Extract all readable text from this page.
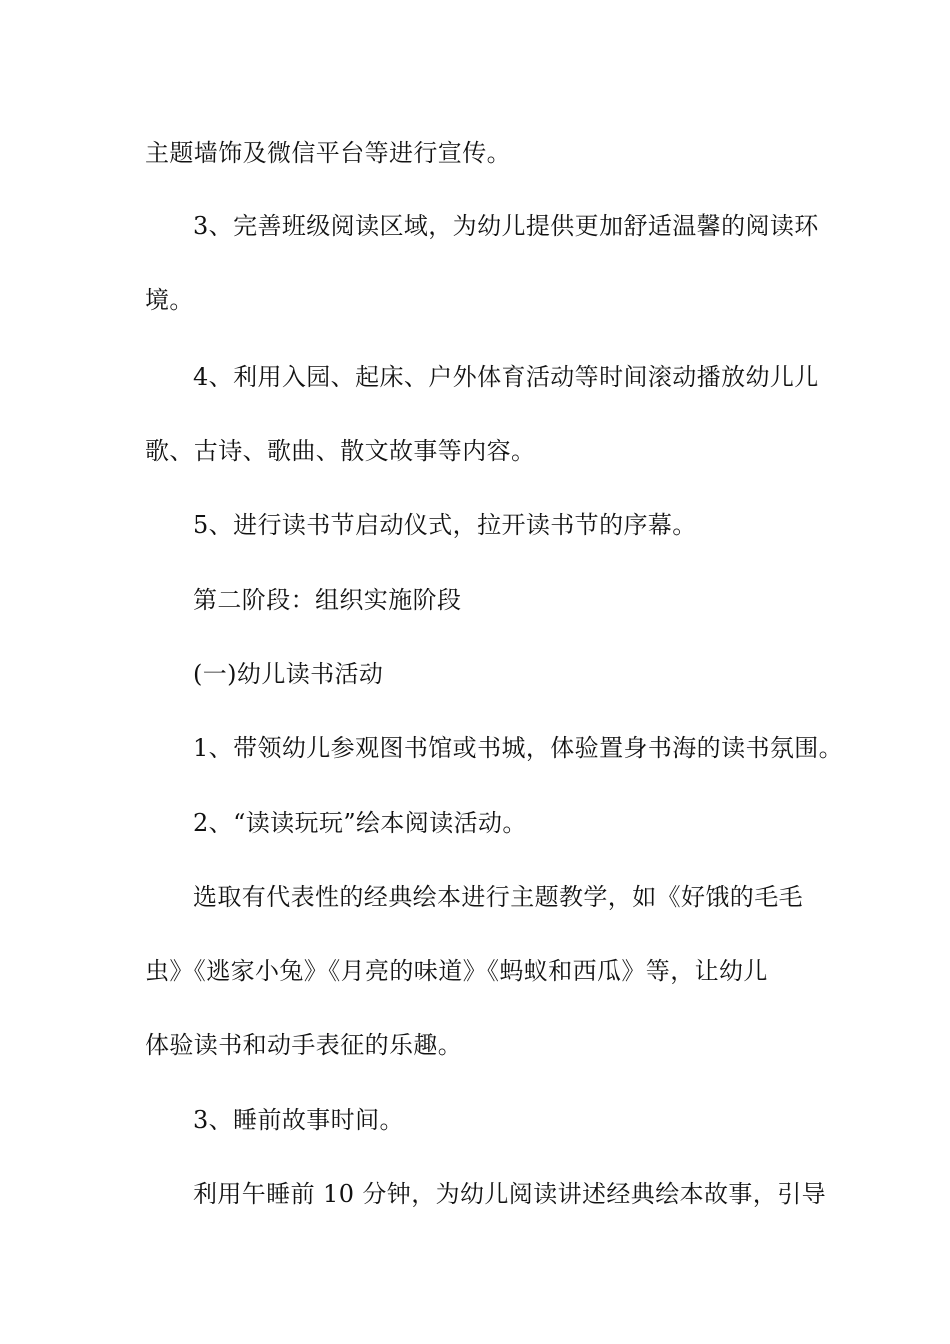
主题墙饰及微信平台等进行宣传。
3、完善班级阅读区域，为幼儿提供更加舒适温馨的阅读环
境。
4、利用入园、起床、户外体育活动等时间滚动播放幼儿儿
歌、古诗、歌曲、散文故事等内容。
5、进行读书节启动仪式，拉开读书节的序幕。
第二阶段：组织实施阶段
(一)幼儿读书活动
1、带领幼儿参观图书馆或书城，体验置身书海的读书氛围。
2、“读读玩玩”绘本阅读活动。
选取有代表性的经典绘本进行主题教学，如《好饿的毛毛
虫》《逃家小兔》《月亮的味道》《蚂蚁和西瓜》等，让幼儿
体验读书和动手表征的乐趣。
3、睡前故事时间。
利用午睡前 10 分钟，为幼儿阅读讲述经典绘本故事，引导
